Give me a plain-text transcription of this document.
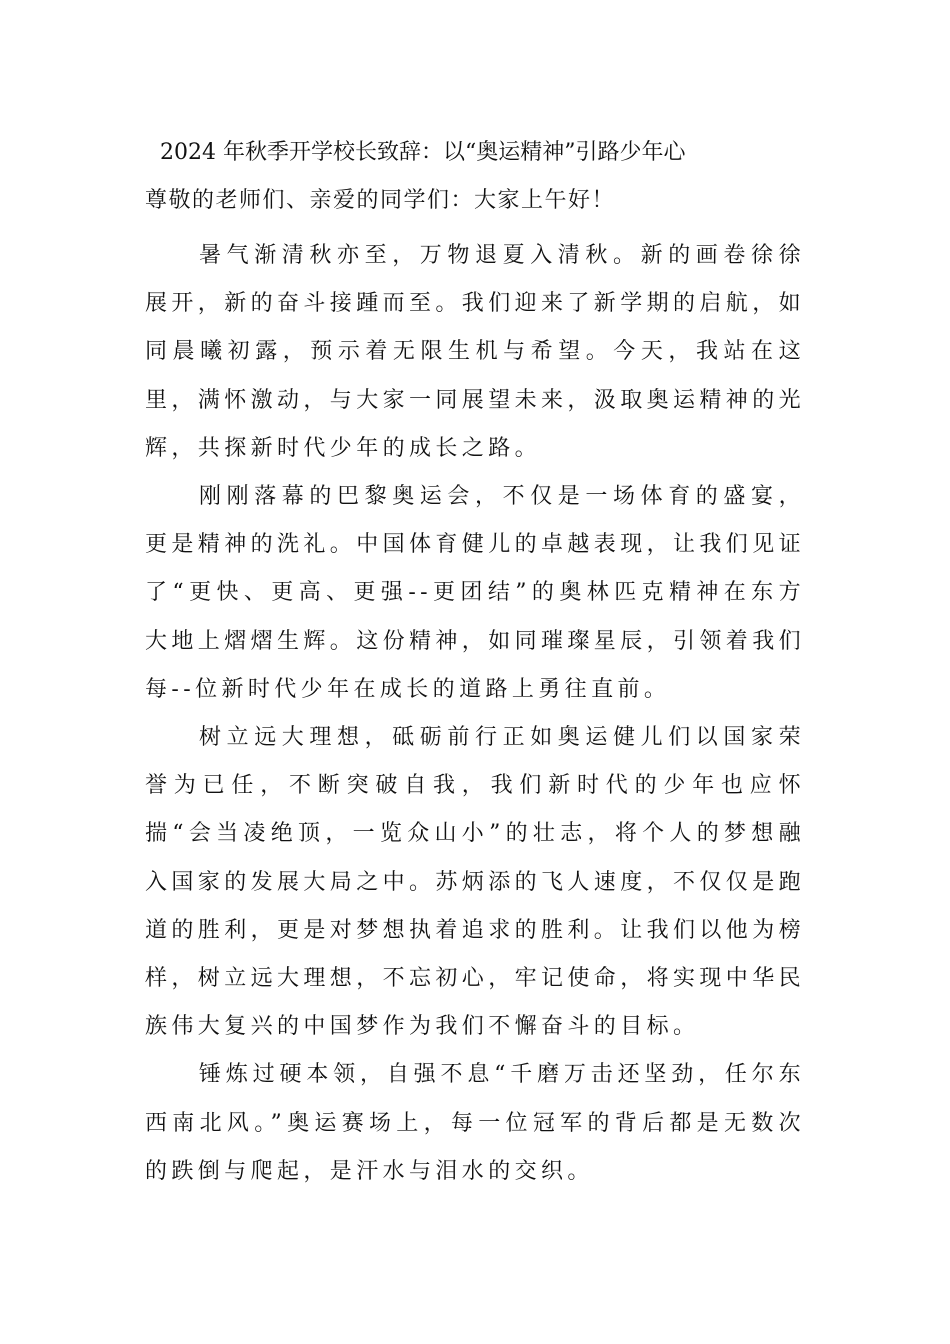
2024 年秋季开学校长致辞：以“奥运精神”引路少年心
尊敬的老师们、亲爱的同学们：大家上午好！

暑气渐清秋亦至，万物退夏入清秋。新的画卷徐徐展开，新的奋斗接踵而至。我们迎来了新学期的启航，如同晨曦初露，预示着无限生机与希望。今天，我站在这里，满怀激动，与大家一同展望未来，汲取奥运精神的光辉，共探新时代少年的成长之路。

刚刚落幕的巴黎奥运会，不仅是一场体育的盛宴，更是精神的洗礼。中国体育健儿的卓越表现，让我们见证了“更快、更高、更强--更团结”的奥林匹克精神在东方大地上熠熠生辉。这份精神，如同璀璨星辰，引领着我们每--位新时代少年在成长的道路上勇往直前。

树立远大理想，砥砺前行正如奥运健儿们以国家荣誉为已任，不断突破自我，我们新时代的少年也应怀揣“会当凌绝顶，一览众山小”的壮志，将个人的梦想融入国家的发展大局之中。苏炳添的飞人速度，不仅仅是跑道的胜利，更是对梦想执着追求的胜利。让我们以他为榜样，树立远大理想，不忘初心，牢记使命，将实现中华民族伟大复兴的中国梦作为我们不懈奋斗的目标。

锤炼过硬本领，自强不息“千磨万击还坚劲，任尔东西南北风。”奥运赛场上，每一位冠军的背后都是无数次的跌倒与爬起，是汗水与泪水的交织。
